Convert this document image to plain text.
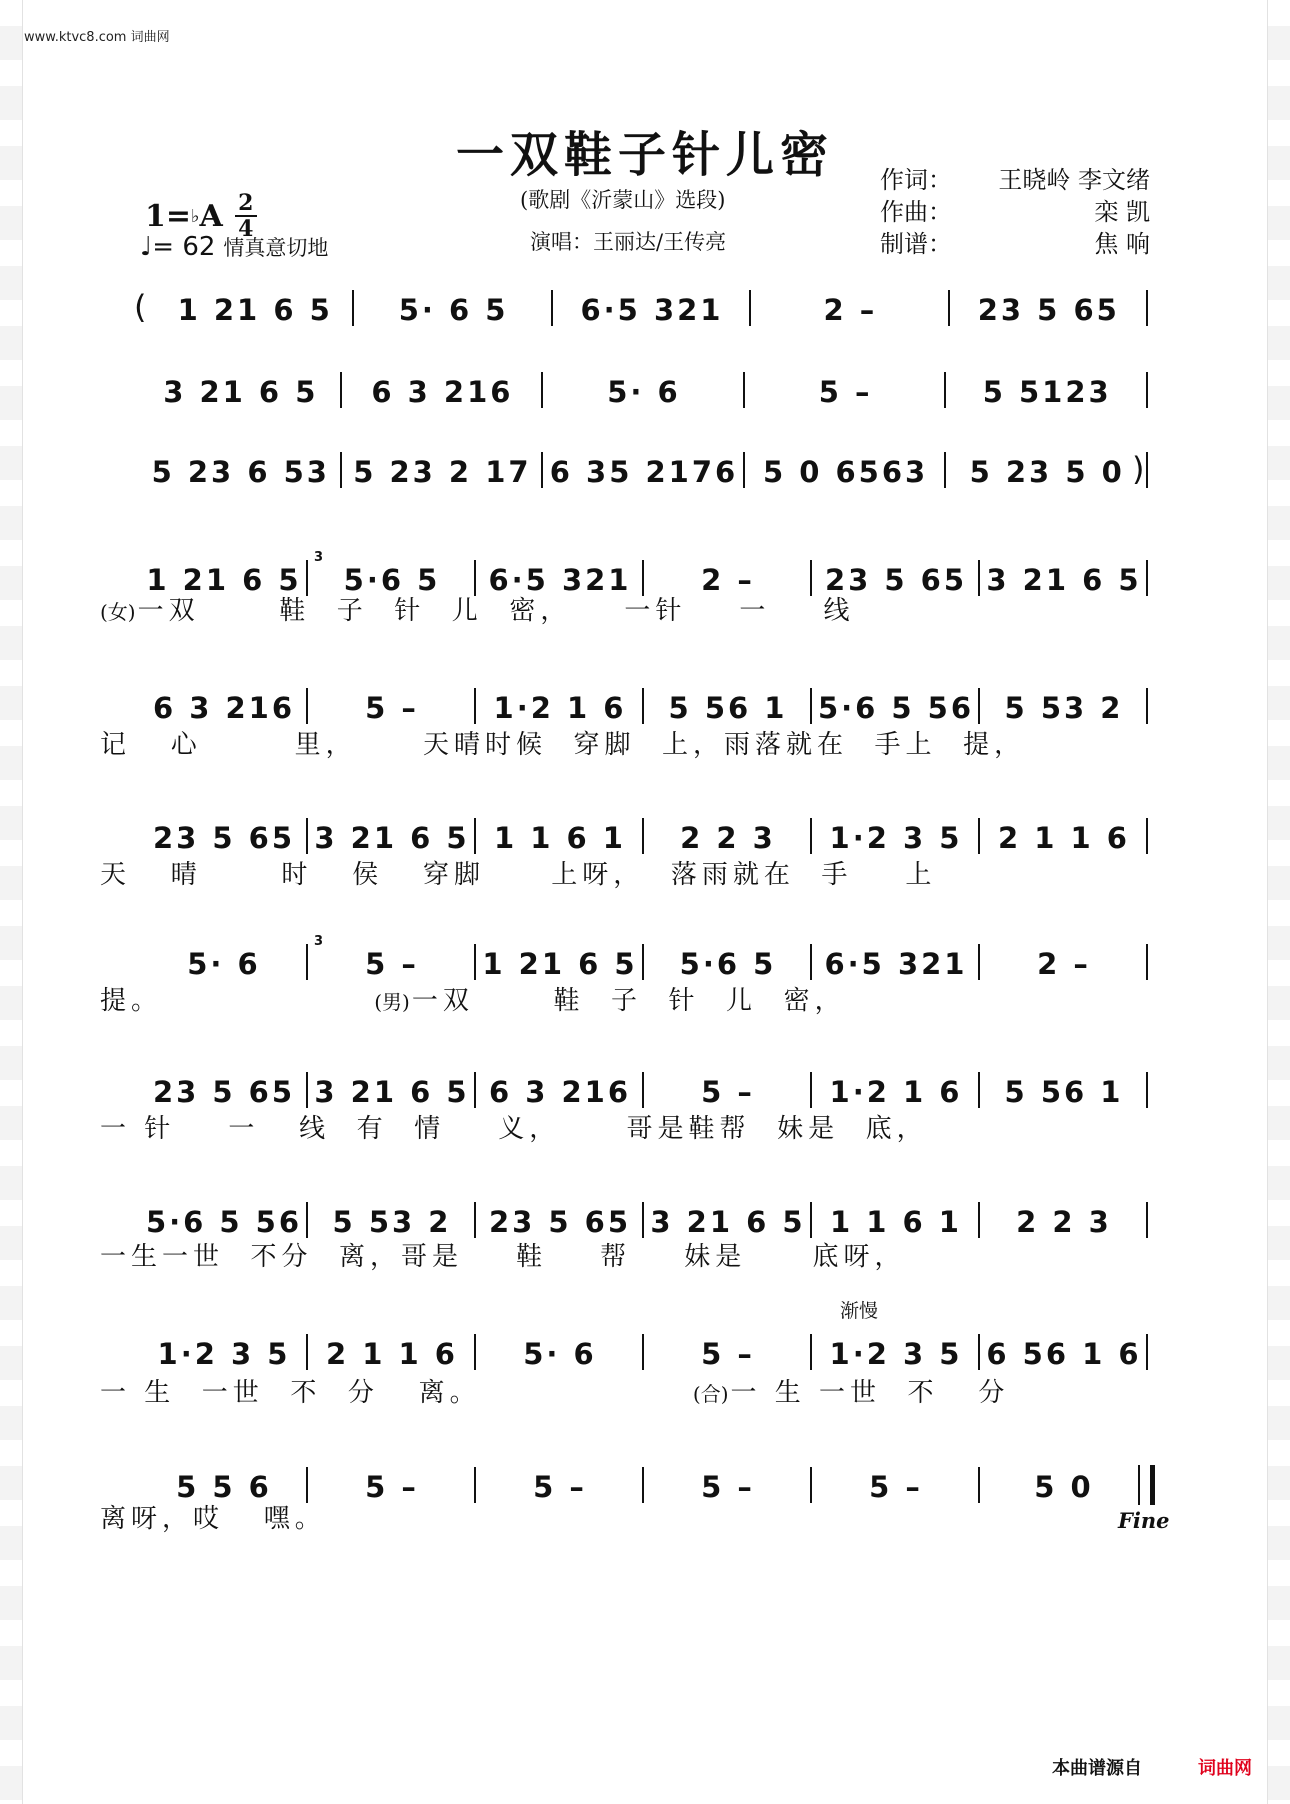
www.ktvc8.com 词曲网
一双鞋子针儿密
(歌剧《沂蒙山》选段)
演唱：王丽达/王传亮
作词： 王晓岭 李文绪
作曲：	栾 凯
制谱：	焦 响
1 = ♭ A 2
4
♩ = 62 情真意切地
(	1 21 6 5	5· 6 5	6·5 321	2 –	23 5 65
3 21 6 5	6 3 216	5· 6	5 –	5 5123
5 23 6 53 5 23 2 17 6 35 2176 5 0 6563	5 23 5 0 )
3
1 21 6 5	5·6 5	6·5 321	2 –	23 5 65 3 21 6 5
6 3 216	5 –	1·2 1 6	5 56 1	5·6 5 56	5 53 2
23 5 65 3 21 6 5 1 1 6 1	2 2 3	1·2 3 5	2 1 1 6
3
5· 6	5 –	1 21 6 5	5·6 5	6·5 321	2 –
23 5 65 3 21 6 5 6 3 216	5 –	1·2 1 6	5 56 1
5·6 5 56	5 53 2	23 5 65 3 21 6 5 1 1 6 1	2 2 3
1·2 3 5	2 1 1 6	5· 6	5 –	1·2 3 5 6 56 1 6
5 5 6	5 –	5 –	5 –	5 –	5 0
(女)一双      鞋  子  针  儿  密，    一针    一    线
记   心       里，     天晴时候  穿脚  上，雨落就在  手上  提，
天   晴      时   侯   穿脚     上呀，  落雨就在  手    上
提。	(男)一双      鞋  子  针  儿  密，
一 针    一   线  有  情    义，     哥是鞋帮  妹是  底，
一生一世  不分  离，哥是    鞋    帮    妹是     底呀，
一 生  一世  不  分   离。	(合)一 生 一世  不   分
离呀，哎   嘿。
渐慢
Fine
本曲谱源自	词曲网
